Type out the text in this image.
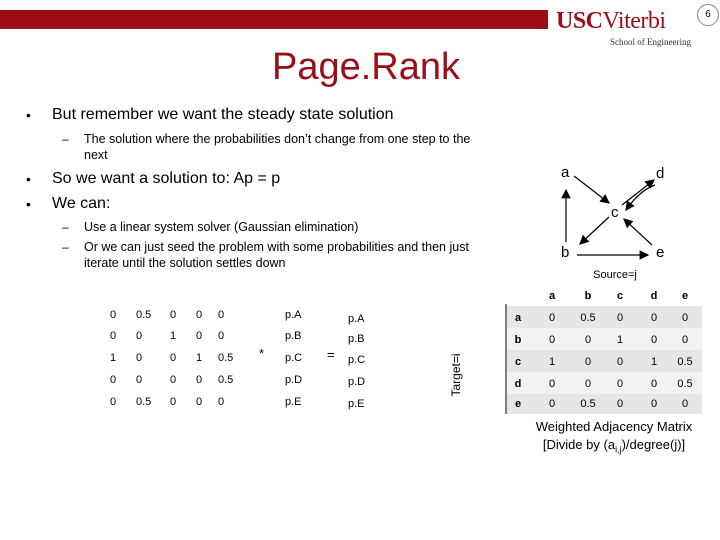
USCViterbi
School of Engineering
6
Page.Rank
• But remember we want the steady state solution
– The solution where the probabilities don’t change from one step to the next
• So we want a solution to: Ap = p
• We can:
– Use a linear system solver (Gaussian elimination)
– Or we can just seed the problem with some probabilities and then just iterate until the solution settles down
0 0.5 0 0 0
0 0	1 0 0
1 0	0 1 0.5
0 0	0 0 0.5
0 0.5 0 0 0
*
p.A
p.B
p.C
p.D
p.E
=
p.A
p.B
p.C
p.D
p.E
a
b
c
d
e
Source=j
Target=i
a	b	c	d	e
a	0	0.5	0	0	0
b	0	0	1	0	0
c	1	0	0	1	0.5
d	0	0	0	0	0.5
e	0	0.5	0	0	0
Weighted Adjacency Matrix
[Divide by $(a_{i,j})/degree(j)$]
